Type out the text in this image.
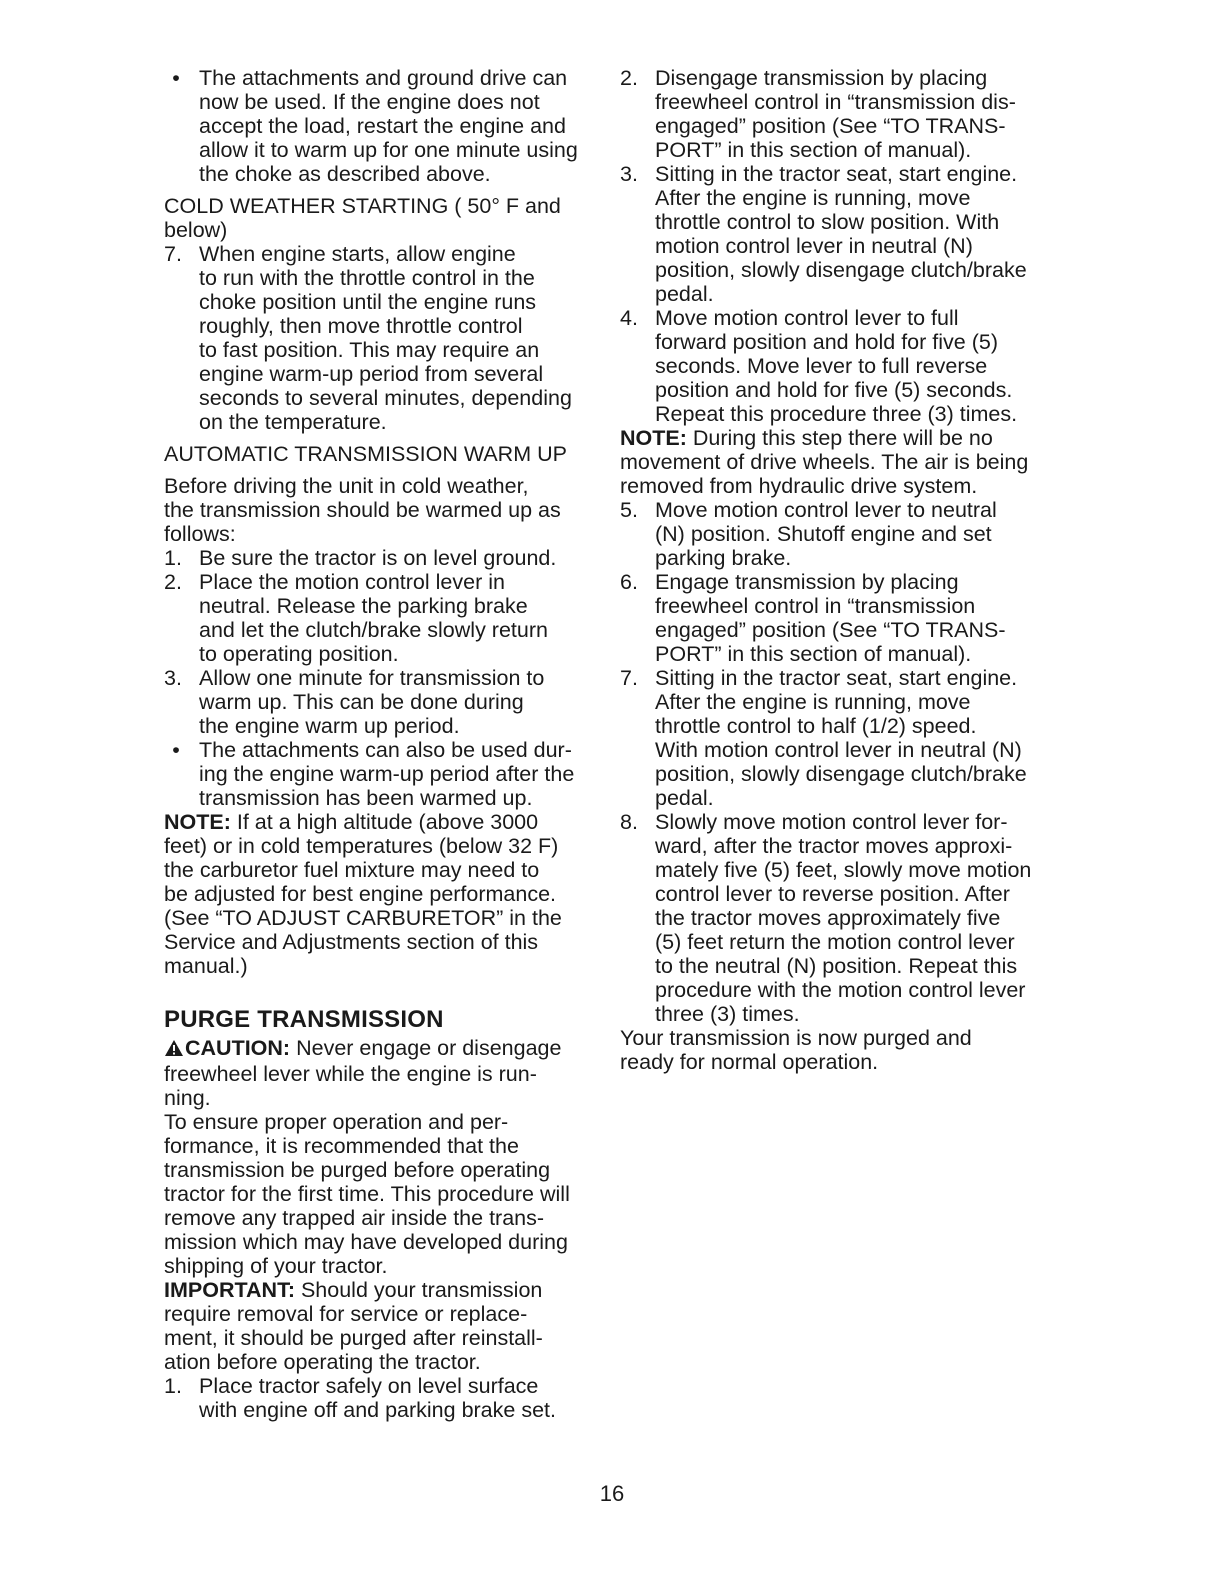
• The attachments and ground drive can
now be used. If the engine does not
accept the load, restart the engine and
allow it to warm up for one minute using
the choke as described above.

COLD WEATHER STARTING ( 50° F and
below)

7. When engine starts, allow engine
to run with the throttle control in the
choke position until the engine runs
roughly, then move throttle control
to fast position. This may require an
engine warm-up period from several
seconds to several minutes, depending
on the temperature.

AUTOMATIC TRANSMISSION WARM UP

Before driving the unit in cold weather,
the transmission should be warmed up as
follows:

1. Be sure the tractor is on level ground.
2. Place the motion control lever in
neutral. Release the parking brake
and let the clutch/brake slowly return
to operating position.
3. Allow one minute for transmission to
warm up. This can be done during
the engine warm up period.
• The attachments can also be used dur-
ing the engine warm-up period after the
transmission has been warmed up.
NOTE: If at a high altitude (above 3000
feet) or in cold temperatures (below 32 F)
the carburetor fuel mixture may need to
be adjusted for best engine performance.
(See “TO ADJUST CARBURETOR” in the
Service and Adjustments section of this
manual.)

PURGE TRANSMISSION

CAUTION: Never engage or disengage
freewheel lever while the engine is run-
ning.

To ensure proper operation and per-
formance, it is recommended that the
transmission be purged before operating
tractor for the first time. This procedure will
remove any trapped air inside the trans-
mission which may have developed during
shipping of your tractor.

IMPORTANT: Should your transmission
require removal for service or replace-
ment, it should be purged after reinstall-
ation before operating the tractor.
1. Place tractor safely on level surface
with engine off and parking brake set.
2. Disengage transmission by placing
freewheel control in “transmission dis-
engaged” position (See “TO TRANS-
PORT” in this section of manual).
3. Sitting in the tractor seat, start engine.
After the engine is running, move
throttle control to slow position. With
motion control lever in neutral (N)
position, slowly disengage clutch/brake
pedal.
4. Move motion control lever to full
forward position and hold for five (5)
seconds. Move lever to full reverse
position and hold for five (5) seconds.
Repeat this procedure three (3) times.
NOTE: During this step there will be no
movement of drive wheels. The air is being
removed from hydraulic drive system.
5. Move motion control lever to neutral
(N) position. Shutoff engine and set
parking brake.
6. Engage transmission by placing
freewheel control in “transmission
engaged” position (See “TO TRANS-
PORT” in this section of manual).
7. Sitting in the tractor seat, start engine.
After the engine is running, move
throttle control to half (1/2) speed.
With motion control lever in neutral (N)
position, slowly disengage clutch/brake
pedal.
8. Slowly move motion control lever for-
ward, after the tractor moves approxi-
mately five (5) feet, slowly move motion
control lever to reverse position. After
the tractor moves approximately five
(5) feet return the motion control lever
to the neutral (N) position. Repeat this
procedure with the motion control lever
three (3) times.

Your transmission is now purged and
ready for normal operation.

16
